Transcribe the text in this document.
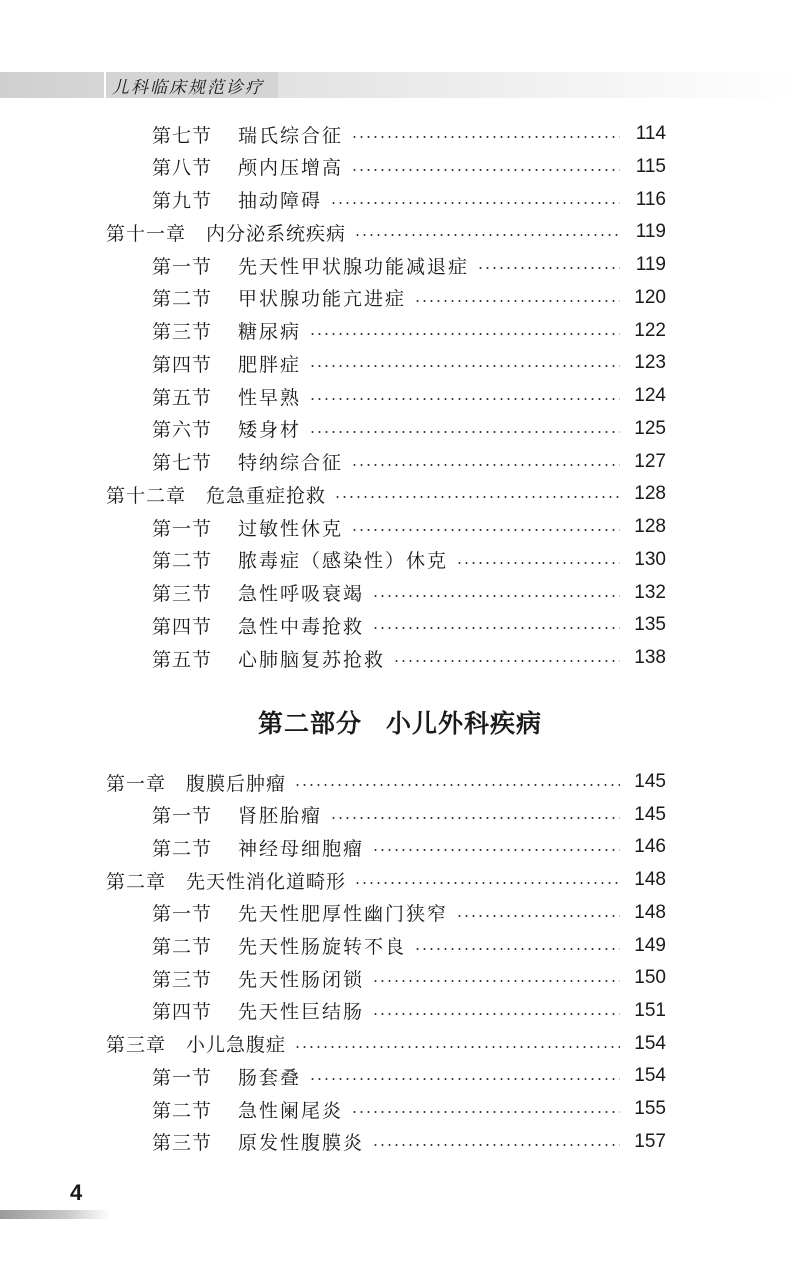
儿科临床规范诊疗
第七节	瑞氏综合征	114
第八节	颅内压增高	115
第九节	抽动障碍	116
第十一章	内分泌系统疾病	119
第一节	先天性甲状腺功能减退症	119
第二节	甲状腺功能亢进症	120
第三节	糖尿病	122
第四节	肥胖症	123
第五节	性早熟	124
第六节	矮身材	125
第七节	特纳综合征	127
第十二章	危急重症抢救	128
第一节	过敏性休克	128
第二节	脓毒症（感染性）休克	130
第三节	急性呼吸衰竭	132
第四节	急性中毒抢救	135
第五节	心肺脑复苏抢救	138
第一章	腹膜后肿瘤	145
第一节	肾胚胎瘤	145
第二节	神经母细胞瘤	146
第二章	先天性消化道畸形	148
第一节	先天性肥厚性幽门狭窄	148
第二节	先天性肠旋转不良	149
第三节	先天性肠闭锁	150
第四节	先天性巨结肠	151
第三章	小儿急腹症	154
第一节	肠套叠	154
第二节	急性阑尾炎	155
第三节	原发性腹膜炎	157
第二部分 小儿外科疾病
4
